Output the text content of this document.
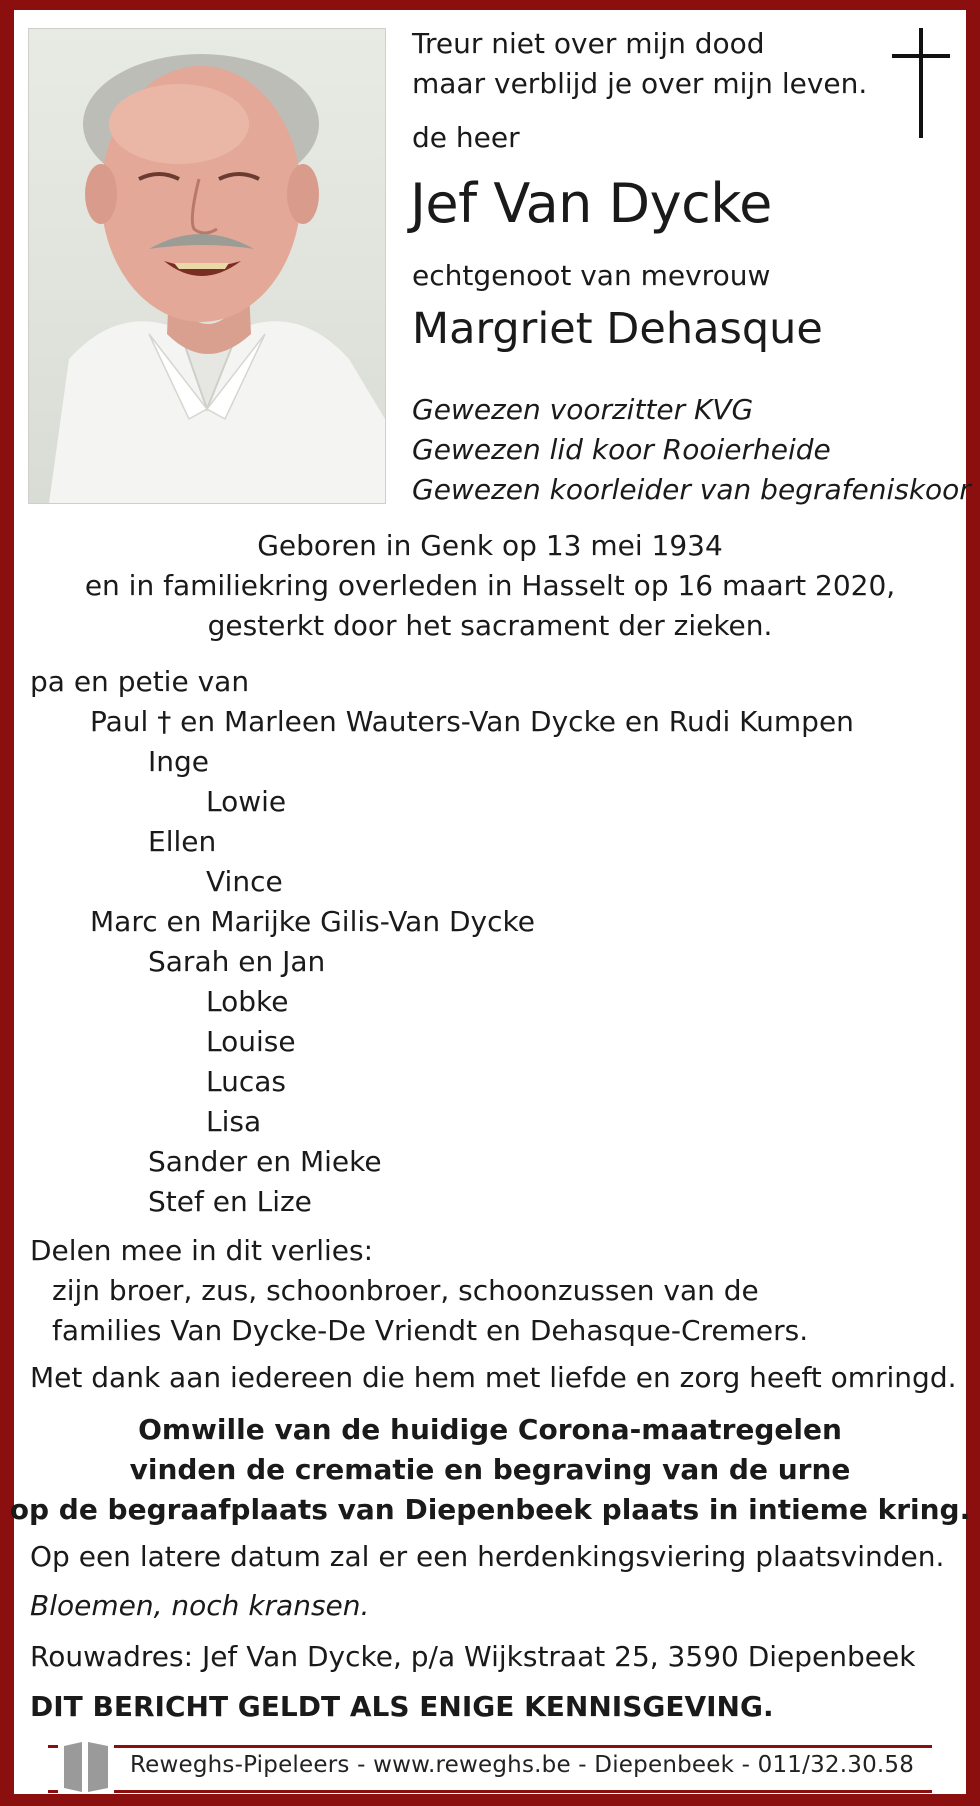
Treur niet over mijn dood
maar verblijd je over mijn leven.
de heer
Jef Van Dycke
echtgenoot van mevrouw
Margriet Dehasque
Gewezen voorzitter KVG
Gewezen lid koor Rooierheide
Gewezen koorleider van begrafeniskoor
Geboren in Genk op 13 mei 1934
en in familiekring overleden in Hasselt op 16 maart 2020,
gesterkt door het sacrament der zieken.
pa en petie van
Paul † en Marleen Wauters-Van Dycke en Rudi Kumpen
Inge
Lowie
Ellen
Vince
Marc en Marijke Gilis-Van Dycke
Sarah en Jan
Lobke
Louise
Lucas
Lisa
Sander en Mieke
Stef en Lize
Delen mee in dit verlies:
zijn broer, zus, schoonbroer, schoonzussen van de
families Van Dycke-De Vriendt en Dehasque-Cremers.
Met dank aan iedereen die hem met liefde en zorg heeft omringd.
Omwille van de huidige Corona-maatregelen
vinden de crematie en begraving van de urne
op de begraafplaats van Diepenbeek plaats in intieme kring.
Op een latere datum zal er een herdenkingsviering plaatsvinden.
Bloemen, noch kransen.
Rouwadres: Jef Van Dycke, p/a Wijkstraat 25, 3590 Diepenbeek
DIT BERICHT GELDT ALS ENIGE KENNISGEVING.
Reweghs-Pipeleers - www.reweghs.be - Diepenbeek - 011/32.30.58
